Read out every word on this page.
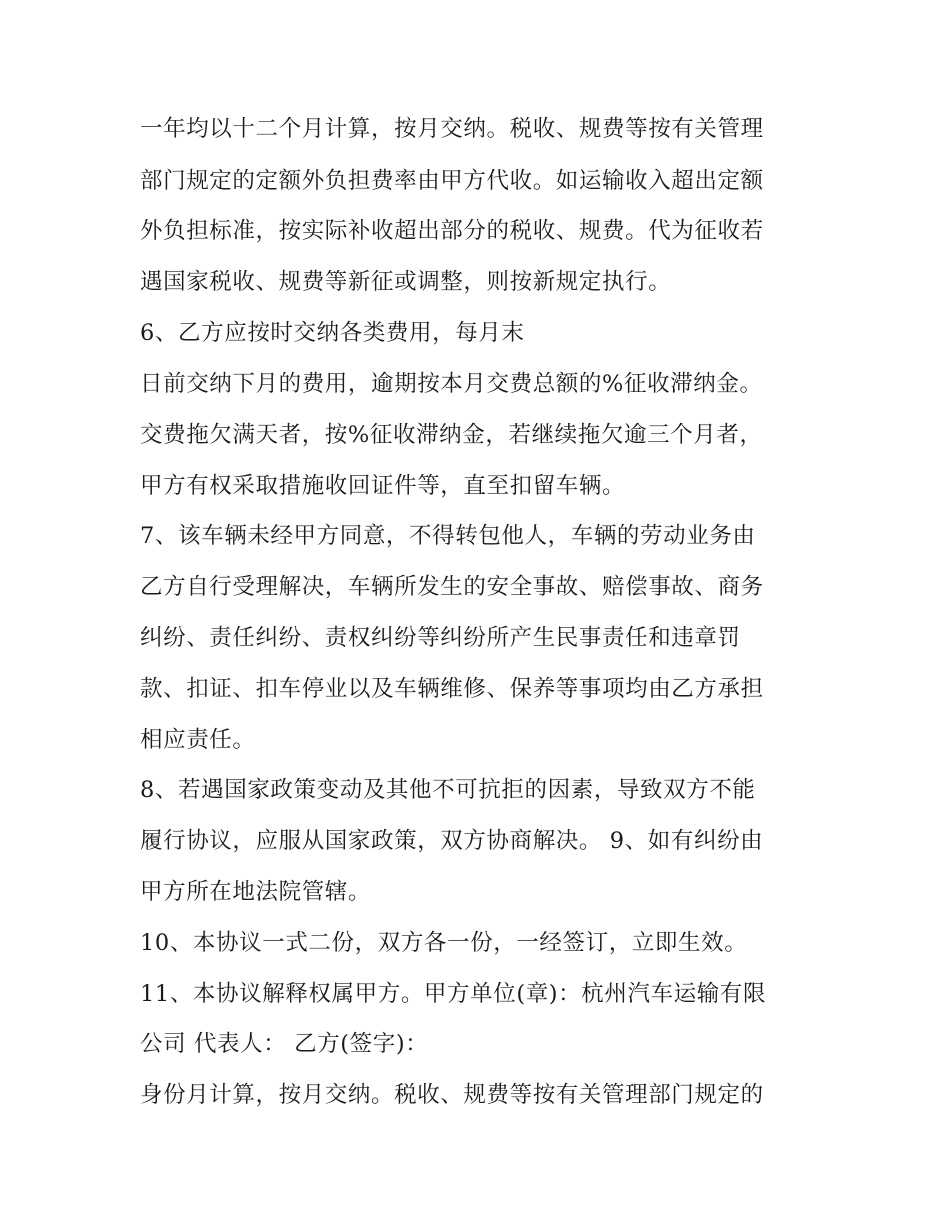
一年均以十二个月计算，按月交纳。税收、规费等按有关管理
部门规定的定额外负担费率由甲方代收。如运输收入超出定额
外负担标准，按实际补收超出部分的税收、规费。代为征收若
遇国家税收、规费等新征或调整，则按新规定执行。
6、乙方应按时交纳各类费用，每月末
日前交纳下月的费用，逾期按本月交费总额的%征收滞纳金。
交费拖欠满天者，按%征收滞纳金，若继续拖欠逾三个月者，
甲方有权采取措施收回证件等，直至扣留车辆。
7、该车辆未经甲方同意，不得转包他人，车辆的劳动业务由
乙方自行受理解决，车辆所发生的安全事故、赔偿事故、商务
纠纷、责任纠纷、责权纠纷等纠纷所产生民事责任和违章罚
款、扣证、扣车停业以及车辆维修、保养等事项均由乙方承担
相应责任。
8、若遇国家政策变动及其他不可抗拒的因素，导致双方不能
履行协议，应服从国家政策，双方协商解决。 9、如有纠纷由
甲方所在地法院管辖。
10、本协议一式二份，双方各一份，一经签订，立即生效。
11、本协议解释权属甲方。甲方单位(章)：杭州汽车运输有限
公司 代表人： 乙方(签字)：
身份月计算，按月交纳。税收、规费等按有关管理部门规定的
